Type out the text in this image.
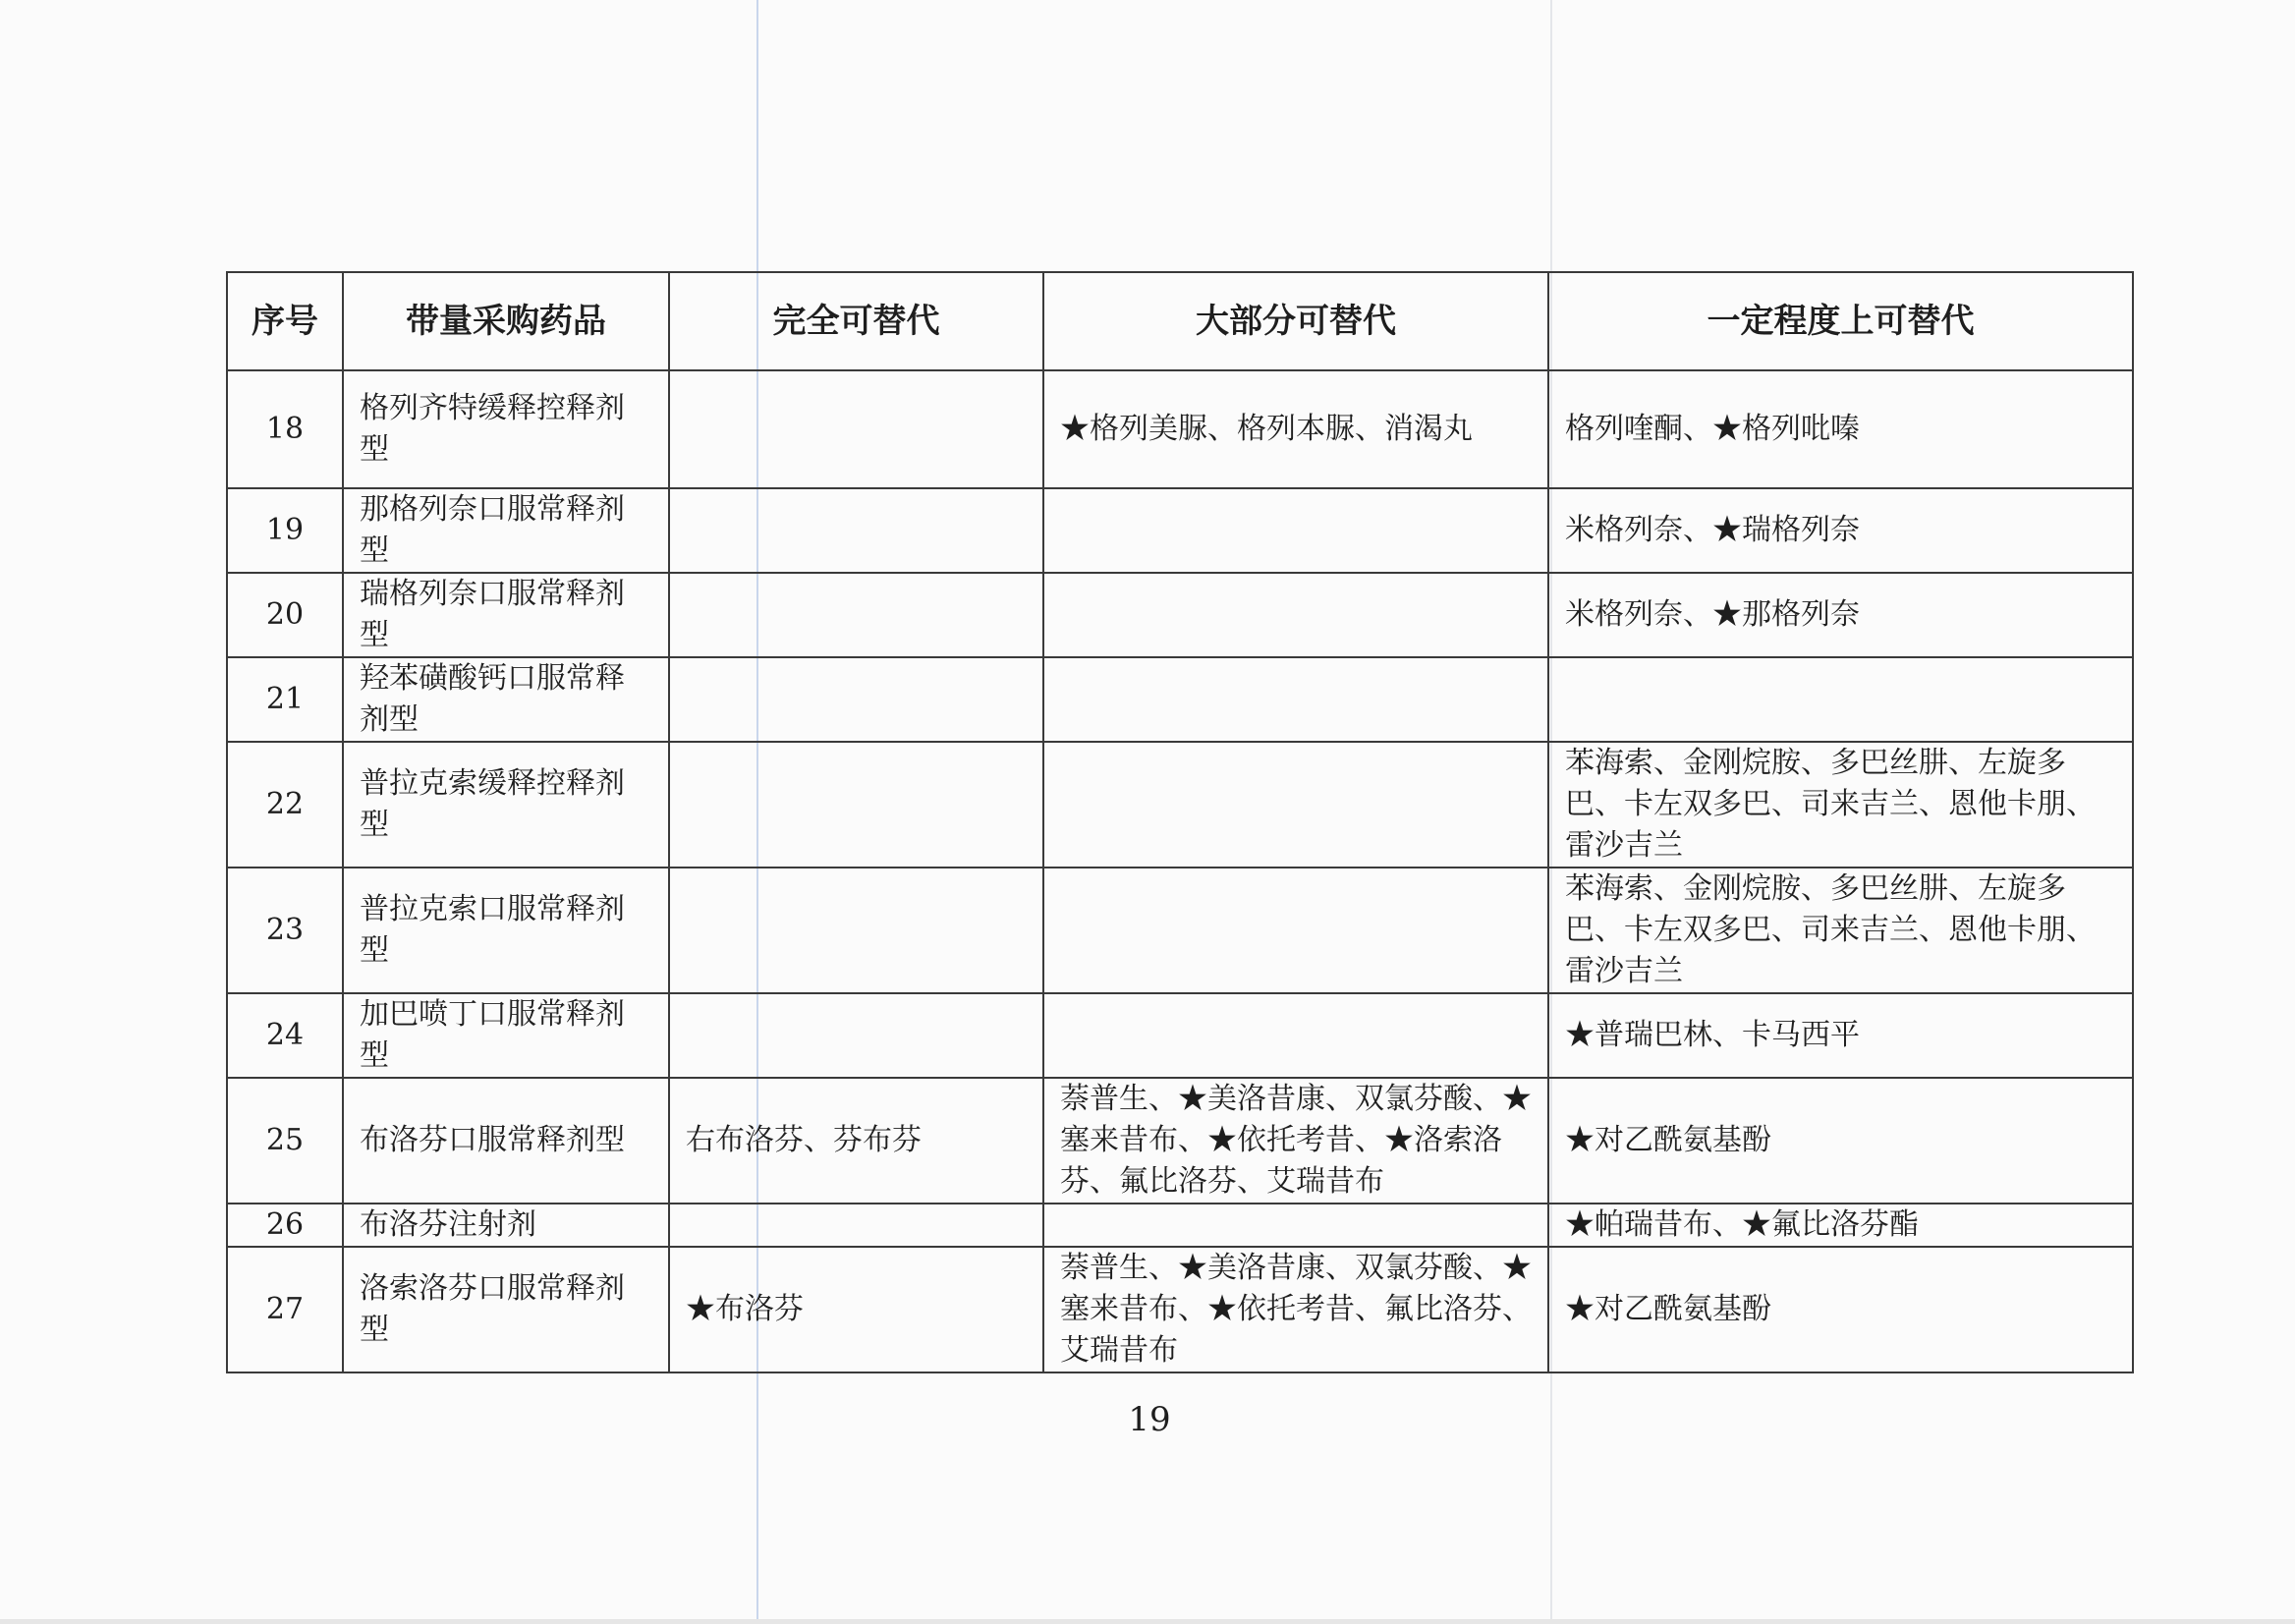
序号	带量采购药品	完全可替代	大部分可替代	一定程度上可替代
18	格列齐特缓释控释剂型		★格列美脲、格列本脲、消渴丸	格列喹酮、★格列吡嗪
19	那格列奈口服常释剂型			米格列奈、★瑞格列奈
20	瑞格列奈口服常释剂型			米格列奈、★那格列奈
21	羟苯磺酸钙口服常释剂型			
22	普拉克索缓释控释剂型			苯海索、金刚烷胺、多巴丝肼、左旋多巴、卡左双多巴、司来吉兰、恩他卡朋、雷沙吉兰
23	普拉克索口服常释剂型			苯海索、金刚烷胺、多巴丝肼、左旋多巴、卡左双多巴、司来吉兰、恩他卡朋、雷沙吉兰
24	加巴喷丁口服常释剂型			★普瑞巴林、卡马西平
25	布洛芬口服常释剂型	右布洛芬、芬布芬	萘普生、★美洛昔康、双氯芬酸、★塞来昔布、★依托考昔、★洛索洛芬、氟比洛芬、艾瑞昔布	★对乙酰氨基酚
26	布洛芬注射剂			★帕瑞昔布、★氟比洛芬酯
27	洛索洛芬口服常释剂型	★布洛芬	萘普生、★美洛昔康、双氯芬酸、★塞来昔布、★依托考昔、氟比洛芬、艾瑞昔布	★对乙酰氨基酚
19
